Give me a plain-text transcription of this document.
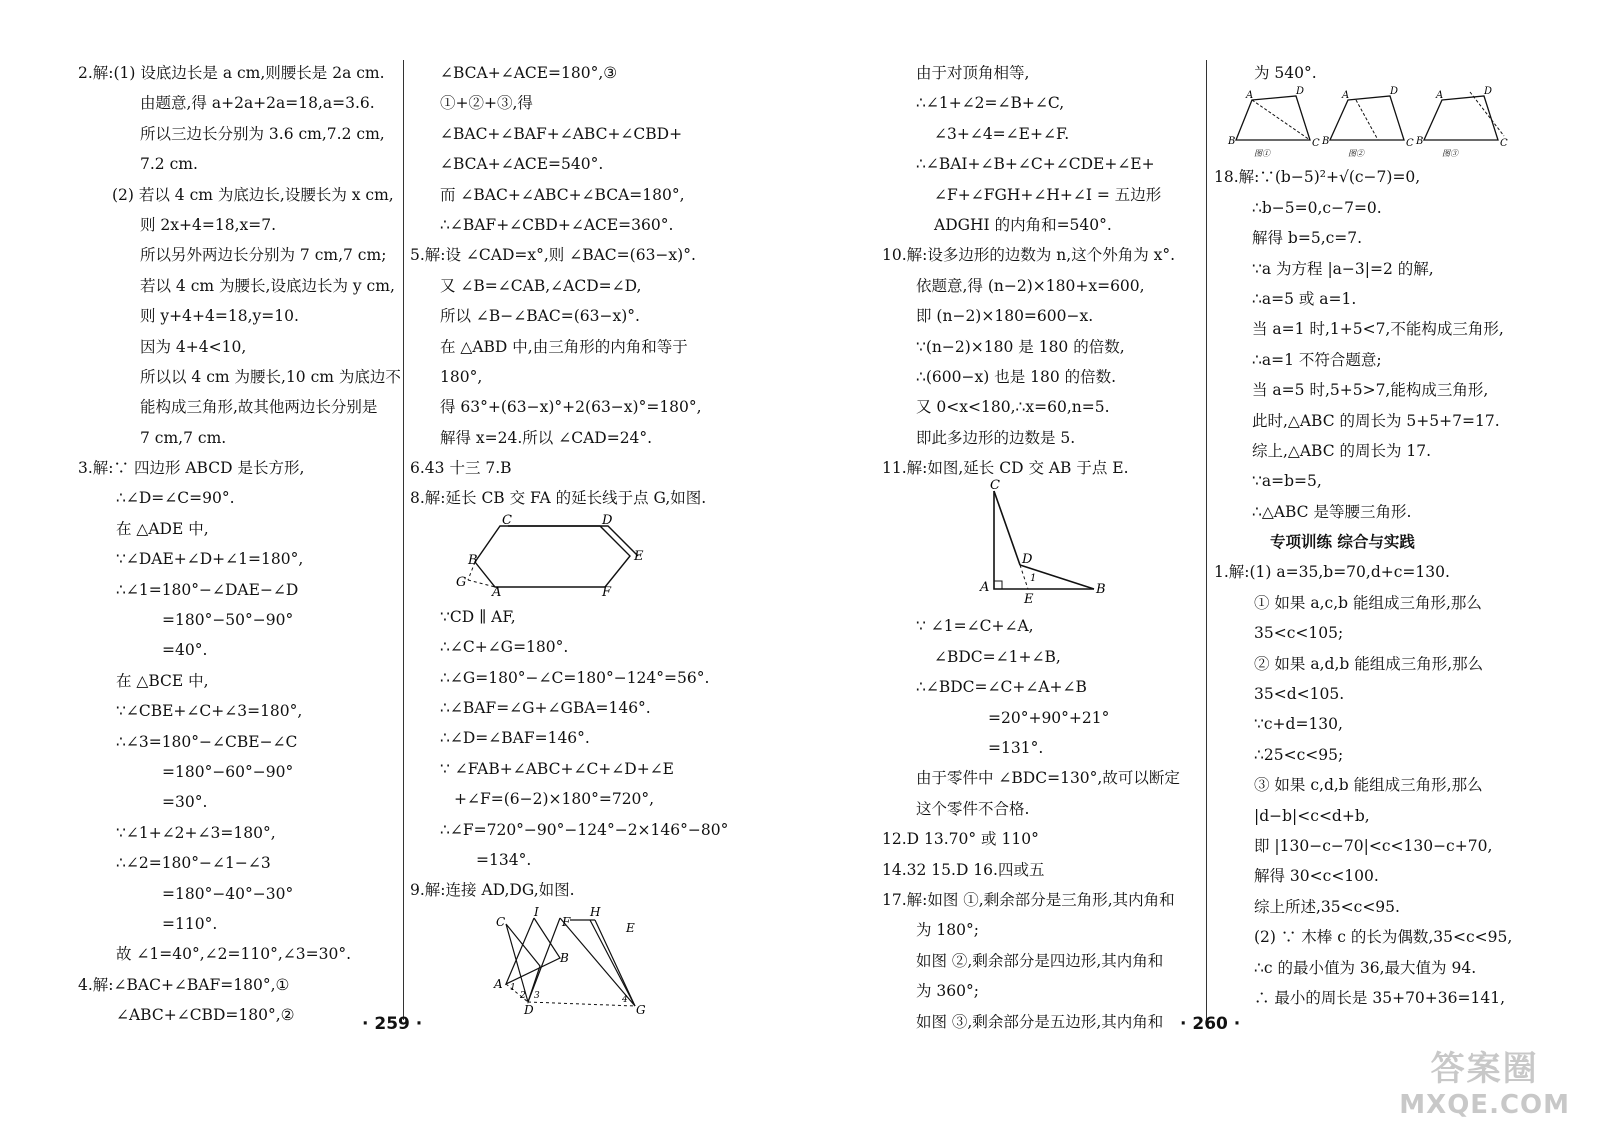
2.解:(1) 设底边长是 a cm,则腰长是 2a cm.
由题意,得 a+2a+2a=18,a=3.6.
所以三边长分别为 3.6 cm,7.2 cm,
7.2 cm.
(2) 若以 4 cm 为底边长,设腰长为 x cm,
则 2x+4=18,x=7.
所以另外两边长分别为 7 cm,7 cm;
若以 4 cm 为腰长,设底边长为 y cm,
则 y+4+4=18,y=10.
因为 4+4<10,
所以以 4 cm 为腰长,10 cm 为底边不
能构成三角形,故其他两边长分别是
7 cm,7 cm.
3.解:∵ 四边形 ABCD 是长方形,
∴∠D=∠C=90°.
在 △ADE 中,
∵∠DAE+∠D+∠1=180°,
∴∠1=180°−∠DAE−∠D
=180°−50°−90°
=40°.
在 △BCE 中,
∵∠CBE+∠C+∠3=180°,
∴∠3=180°−∠CBE−∠C
=180°−60°−90°
=30°.
∵∠1+∠2+∠3=180°,
∴∠2=180°−∠1−∠3
=180°−40°−30°
=110°.
故 ∠1=40°,∠2=110°,∠3=30°.
4.解:∠BAC+∠BAF=180°,①
∠ABC+∠CBD=180°,②
∠BCA+∠ACE=180°,③
①+②+③,得
∠BAC+∠BAF+∠ABC+∠CBD+
∠BCA+∠ACE=540°.
而 ∠BAC+∠ABC+∠BCA=180°,
∴∠BAF+∠CBD+∠ACE=360°.
5.解:设 ∠CAD=x°,则 ∠BAC=(63−x)°.
又 ∠B=∠CAB,∠ACD=∠D,
所以 ∠B−∠BAC=(63−x)°.
在 △ABD 中,由三角形的内角和等于
180°,
得 63°+(63−x)°+2(63−x)°=180°,
解得 x=24.所以 ∠CAD=24°.
6.43 十三 7.B
8.解:延长 CB 交 FA 的延长线于点 G,如图.
C	D
E
F
A
B
G
∵CD ∥ AF,
∴∠C+∠G=180°.
∴∠G=180°−∠C=180°−124°=56°.
∴∠BAF=∠G+∠GBA=146°.
∴∠D=∠BAF=146°.
∵ ∠FAB+∠ABC+∠C+∠D+∠E
+∠F=(6−2)×180°=720°,
∴∠F=720°−90°−124°−2×146°−80°
=134°.
9.解:连接 AD,DG,如图.
C
I
F
H
E
B
A
D	G
1
2 3	4
由于对顶角相等,
∴∠1+∠2=∠B+∠C,
∠3+∠4=∠E+∠F.
∴∠BAI+∠B+∠C+∠CDE+∠E+
∠F+∠FGH+∠H+∠I = 五边形
ADGHI 的内角和=540°.
10.解:设多边形的边数为 n,这个外角为 x°.
依题意,得 (n−2)×180+x=600,
即 (n−2)×180=600−x.
∵(n−2)×180 是 180 的倍数,
∴(600−x) 也是 180 的倍数.
又 0<x<180,∴x=60,n=5.
即此多边形的边数是 5.
11.解:如图,延长 CD 交 AB 于点 E.
C
D
A
E
B
1
∵ ∠1=∠C+∠A,
∠BDC=∠1+∠B,
∴∠BDC=∠C+∠A+∠B
=20°+90°+21°
=131°.
由于零件中 ∠BDC=130°,故可以断定
这个零件不合格.
12.D 13.70° 或 110°
14.32 15.D 16.四或五
17.解:如图 ①,剩余部分是三角形,其内角和
为 180°;
如图 ②,剩余部分是四边形,其内角和
为 360°;
如图 ③,剩余部分是五边形,其内角和
为 540°.
A	D
B	C
图①
A	D
B	C
图②
A	D
B	C
图③
18.解:∵(b−5)²+√(c−7)=0,
∴b−5=0,c−7=0.
解得 b=5,c=7.
∵a 为方程 |a−3|=2 的解,
∴a=5 或 a=1.
当 a=1 时,1+5<7,不能构成三角形,
∴a=1 不符合题意;
当 a=5 时,5+5>7,能构成三角形,
此时,△ABC 的周长为 5+5+7=17.
综上,△ABC 的周长为 17.
∵a=b=5,
∴△ABC 是等腰三角形.
专项训练 综合与实践
1.解:(1) a=35,b=70,d+c=130.
① 如果 a,c,b 能组成三角形,那么
35<c<105;
② 如果 a,d,b 能组成三角形,那么
35<d<105.
∵c+d=130,
∴25<c<95;
③ 如果 c,d,b 能组成三角形,那么
|d−b|<c<d+b,
即 |130−c−70|<c<130−c+70,
解得 30<c<100.
综上所述,35<c<95.
(2) ∵ 木棒 c 的长为偶数,35<c<95,
∴c 的最小值为 36,最大值为 94.
∴ 最小的周长是 35+70+36=141,
· 259 ·	· 260 ·
答案圈
MXQE.COM
